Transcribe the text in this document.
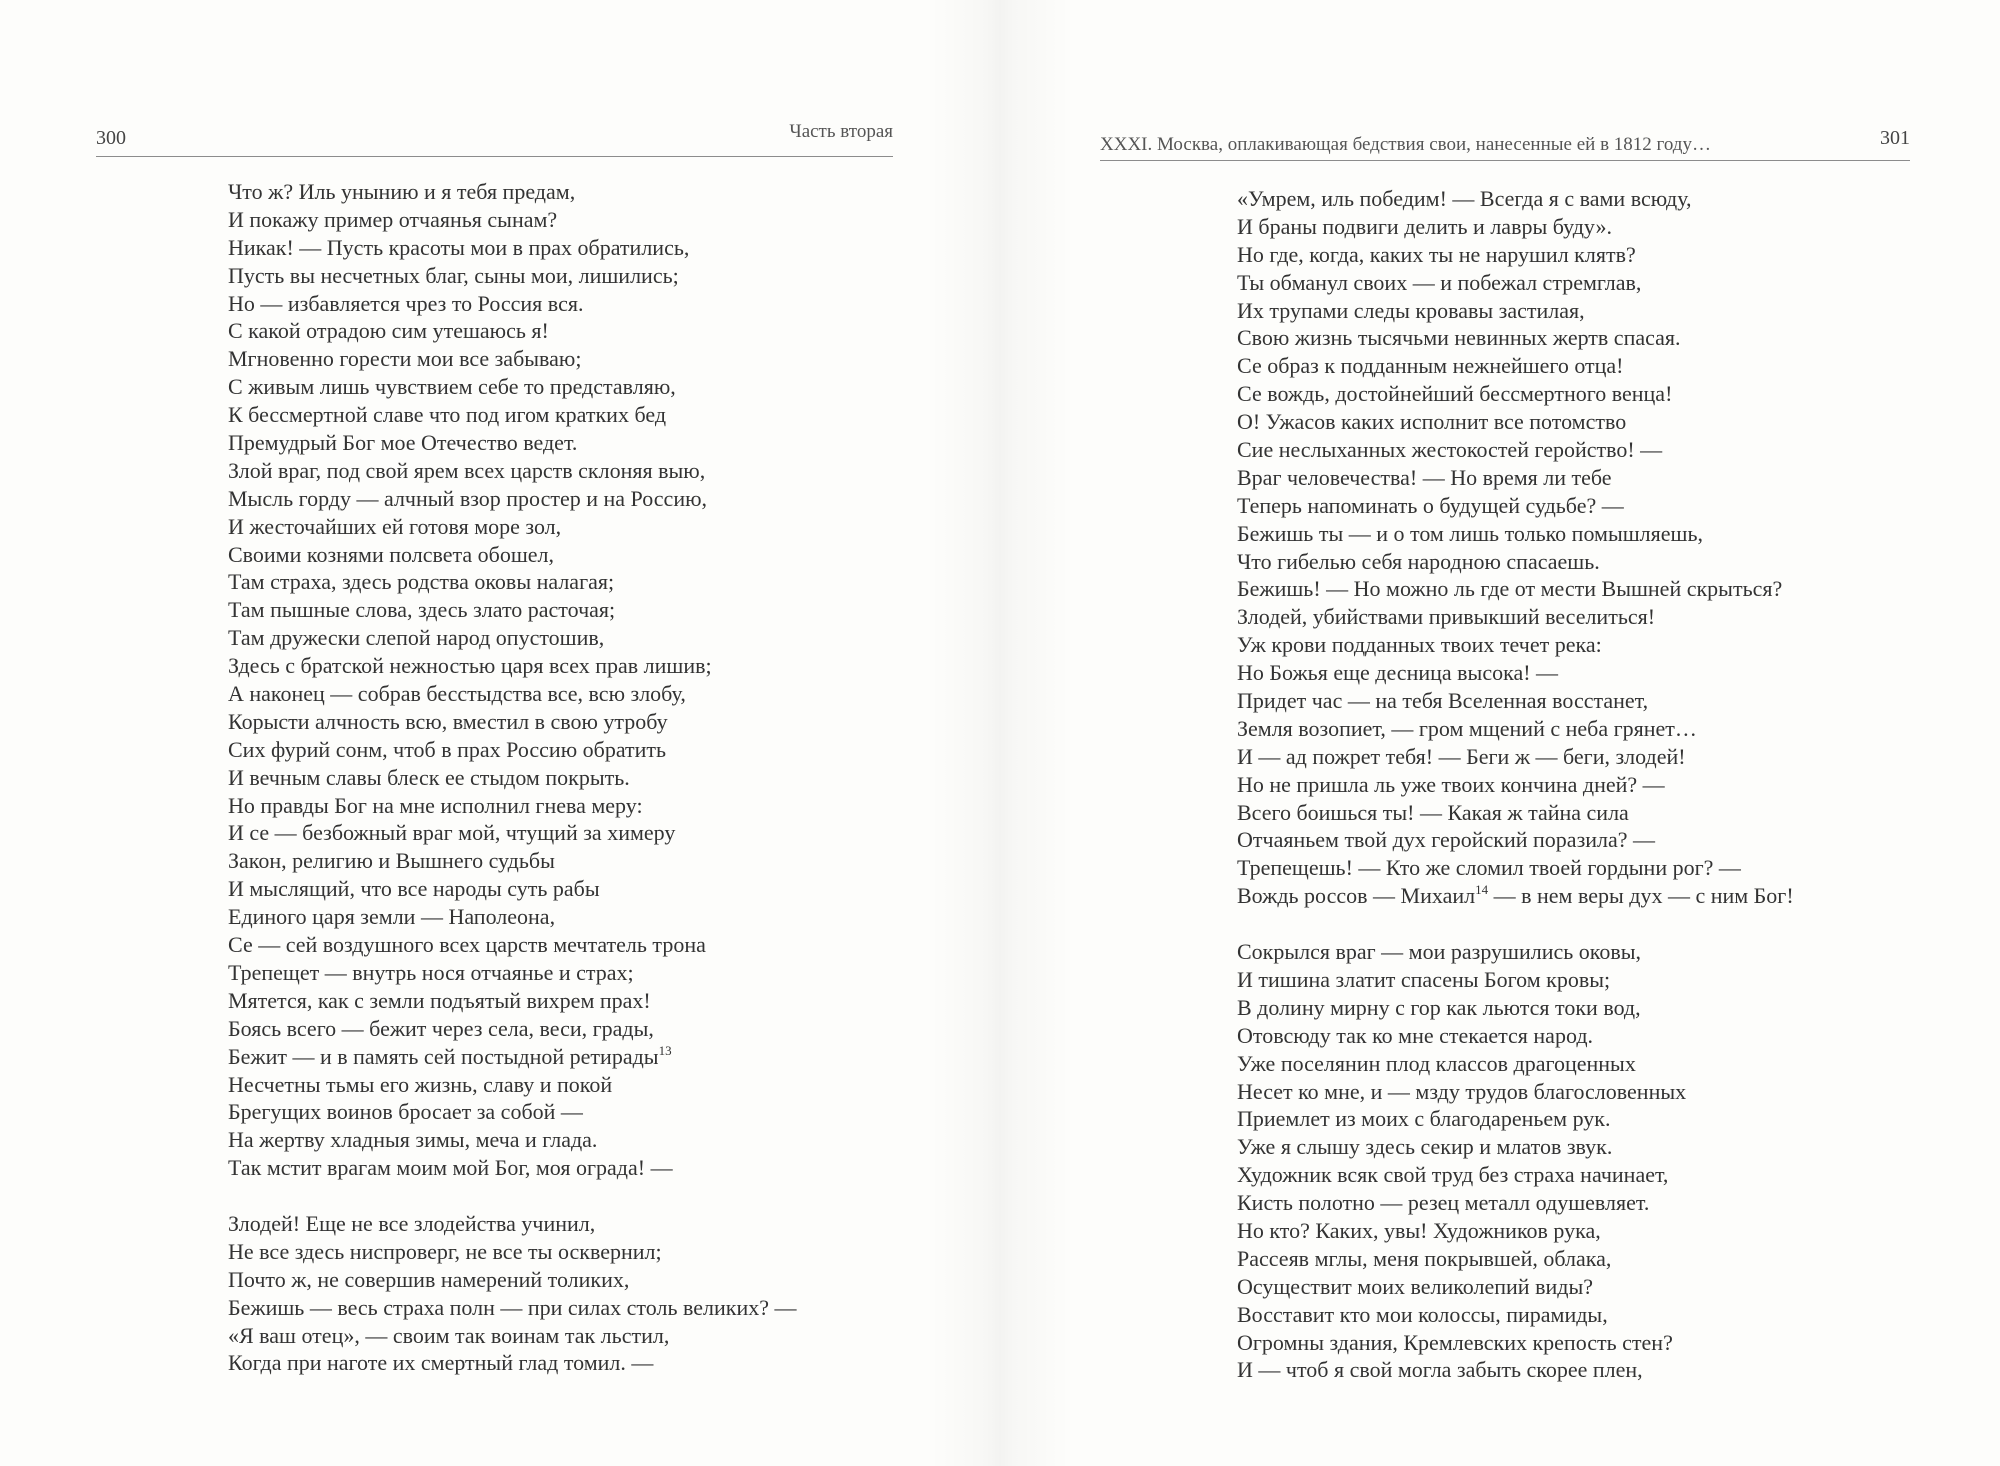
300	Часть вторая
Что ж? Иль унынию и я тебя предам,
И покажу пример отчаянья сынам?
Никак! — Пусть красоты мои в прах обратились,
Пусть вы несчетных благ, сыны мои, лишились;
Но — избавляется чрез то Россия вся.
С какой отрадою сим утешаюсь я!
Мгновенно горести мои все забываю;
С живым лишь чувствием себе то представляю,
К бессмертной славе что под игом кратких бед
Премудрый Бог мое Отечество ведет.
Злой враг, под свой ярем всех царств склоняя выю,
Мысль горду — алчный взор простер и на Россию,
И жесточайших ей готовя море зол,
Своими кознями полсвета обошел,
Там страха, здесь родства оковы налагая;
Там пышные слова, здесь злато расточая;
Там дружески слепой народ опустошив,
Здесь с братской нежностью царя всех прав лишив;
А наконец — собрав бесстыдства все, всю злобу,
Корысти алчность всю, вместил в свою утробу
Сих фурий сонм, чтоб в прах Россию обратить
И вечным славы блеск ее стыдом покрыть.
Но правды Бог на мне исполнил гнева меру:
И се — безбожный враг мой, чтущий за химеру
Закон, религию и Вышнего судьбы
И мыслящий, что все народы суть рабы
Единого царя земли — Наполеона,
Се — сей воздушного всех царств мечтатель трона
Трепещет — внутрь нося отчаянье и страх;
Мятется, как с земли подъятый вихрем прах!
Боясь всего — бежит через села, веси, грады,
Бежит — и в память сей постыдной ретирады$^{13}$
Несчетны тьмы его жизнь, славу и покой
Брегущих воинов бросает за собой —
На жертву хладныя зимы, меча и глада.
Так мстит врагам моим мой Бог, моя ограда! —
Злодей! Еще не все злодейства учинил,
Не все здесь ниспроверг, не все ты осквернил;
Почто ж, не совершив намерений толиких,
Бежишь — весь страха полн — при силах столь великих? —
«Я ваш отец», — своим так воинам так льстил,
Когда при наготе их смертный глад томил. —
XXXI. Москва, оплакивающая бедствия свои, нанесенные ей в 1812 году…	301
«Умрем, иль победим! — Всегда я с вами всюду,
И браны подвиги делить и лавры буду».
Но где, когда, каких ты не нарушил клятв?
Ты обманул своих — и побежал стремглав,
Их трупами следы кровавы застилая,
Свою жизнь тысячьми невинных жертв спасая.
Се образ к подданным нежнейшего отца!
Се вождь, достойнейший бессмертного венца!
О! Ужасов каких исполнит все потомство
Сие неслыханных жестокостей геройство! —
Враг человечества! — Но время ли тебе
Теперь напоминать о будущей судьбе? —
Бежишь ты — и о том лишь только помышляешь,
Что гибелью себя народною спасаешь.
Бежишь! — Но можно ль где от мести Вышней скрыться?
Злодей, убийствами привыкший веселиться!
Уж крови подданных твоих течет река:
Но Божья еще десница высока! —
Придет час — на тебя Вселенная восстанет,
Земля возопиет, — гром мщений с неба грянет…
И — ад пожрет тебя! — Беги ж — беги, злодей!
Но не пришла ль уже твоих кончина дней? —
Всего боишься ты! — Какая ж тайна сила
Отчаяньем твой дух геройский поразила? —
Трепещешь! — Кто же сломил твоей гордыни рог? —
Вождь россов — Михаил$^{14}$ — в нем веры дух — с ним Бог!
Сокрылся враг — мои разрушились оковы,
И тишина златит спасены Богом кровы;
В долину мирну с гор как льются токи вод,
Отовсюду так ко мне стекается народ.
Уже поселянин плод классов драгоценных
Несет ко мне, и — мзду трудов благословенных
Приемлет из моих с благодареньем рук.
Уже я слышу здесь секир и млатов звук.
Художник всяк свой труд без страха начинает,
Кисть полотно — резец металл одушевляет.
Но кто? Каких, увы! Художников рука,
Рассеяв мглы, меня покрывшей, облака,
Осуществит моих великолепий виды?
Восставит кто мои колоссы, пирамиды,
Огромны здания, Кремлевских крепость стен?
И — чтоб я свой могла забыть скорее плен,
